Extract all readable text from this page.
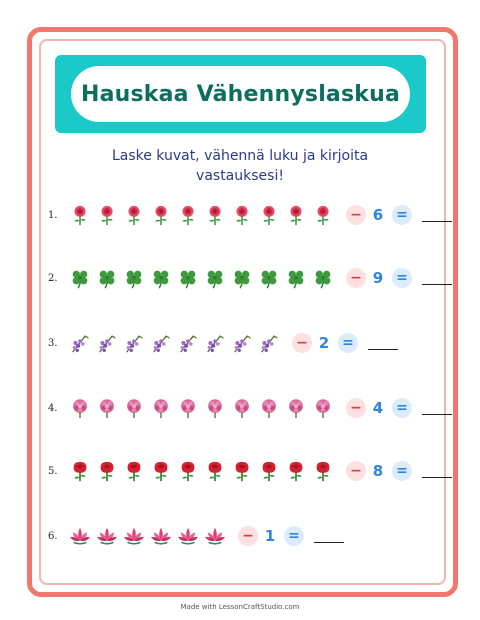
Hauskaa Vähennyslaskua
Laske kuvat, vähennä luku ja kirjoita vastauksesi!
1.	− 6 =
2.	− 9 =
3.	− 2 =
4.	− 4 =
5.	− 8 =
6.	− 1 =
Made with LessonCraftStudio.com
